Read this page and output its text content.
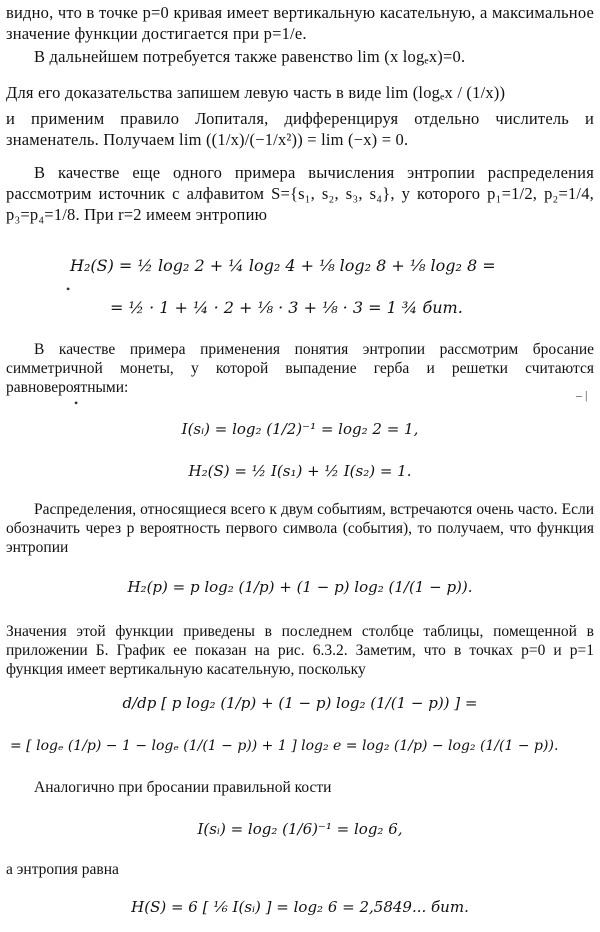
видно, что в точке p=0 кривая имеет вертикальную касательную, а максимальное значение функции достигается при p=1/e.

В дальнейшем потребуется также равенство lim (x logₑx)=0.

Для его доказательства запишем левую часть в виде lim (logₑx / (1/x))

и применим правило Лопиталя, дифференцируя отдельно числитель и знаменатель. Получаем lim ((1/x)/(−1/x²)) = lim (−x) = 0.

В качестве еще одного примера вычисления энтропии распределения рассмотрим источник с алфавитом S={s₁, s₂, s₃, s₄}, у которого p₁=1/2, p₂=1/4, p₃=p₄=1/8. При r=2 имеем энтропию

H₂(S) = ½ log₂ 2 + ¼ log₂ 4 + ⅛ log₂ 8 + ⅛ log₂ 8 =
= ½ · 1 + ¼ · 2 + ⅛ · 3 + ⅛ · 3 = 1 ¾ бит.

В качестве примера применения понятия энтропии рассмотрим бросание симметричной монеты, у которой выпадение герба и решетки считаются равновероятными:

I(sᵢ) = log₂ (1/2)⁻¹ = log₂ 2 = 1,
H₂(S) = ½ I(s₁) + ½ I(s₂) = 1.

Распределения, относящиеся всего к двум событиям, встречаются очень часто. Если обозначить через p вероятность первого символа (события), то получаем, что функция энтропии

H₂(p) = p log₂ (1/p) + (1 − p) log₂ (1/(1 − p)).

Значения этой функции приведены в последнем столбце таблицы, помещенной в приложении Б. График ее показан на рис. 6.3.2. Заметим, что в точках p=0 и p=1 функция имеет вертикальную касательную, поскольку

d/dp [ p log₂ (1/p) + (1 − p) log₂ (1/(1 − p)) ] =
= [ logₑ (1/p) − 1 − logₑ (1/(1 − p)) + 1 ] log₂ e = log₂ (1/p) − log₂ (1/(1 − p)).

Аналогично при бросании правильной кости

I(sᵢ) = log₂ (1/6)⁻¹ = log₂ 6,

а энтропия равна

H(S) = 6 [ ⅙ I(sᵢ) ] = log₂ 6 = 2,5849... бит.
•
•
– |
